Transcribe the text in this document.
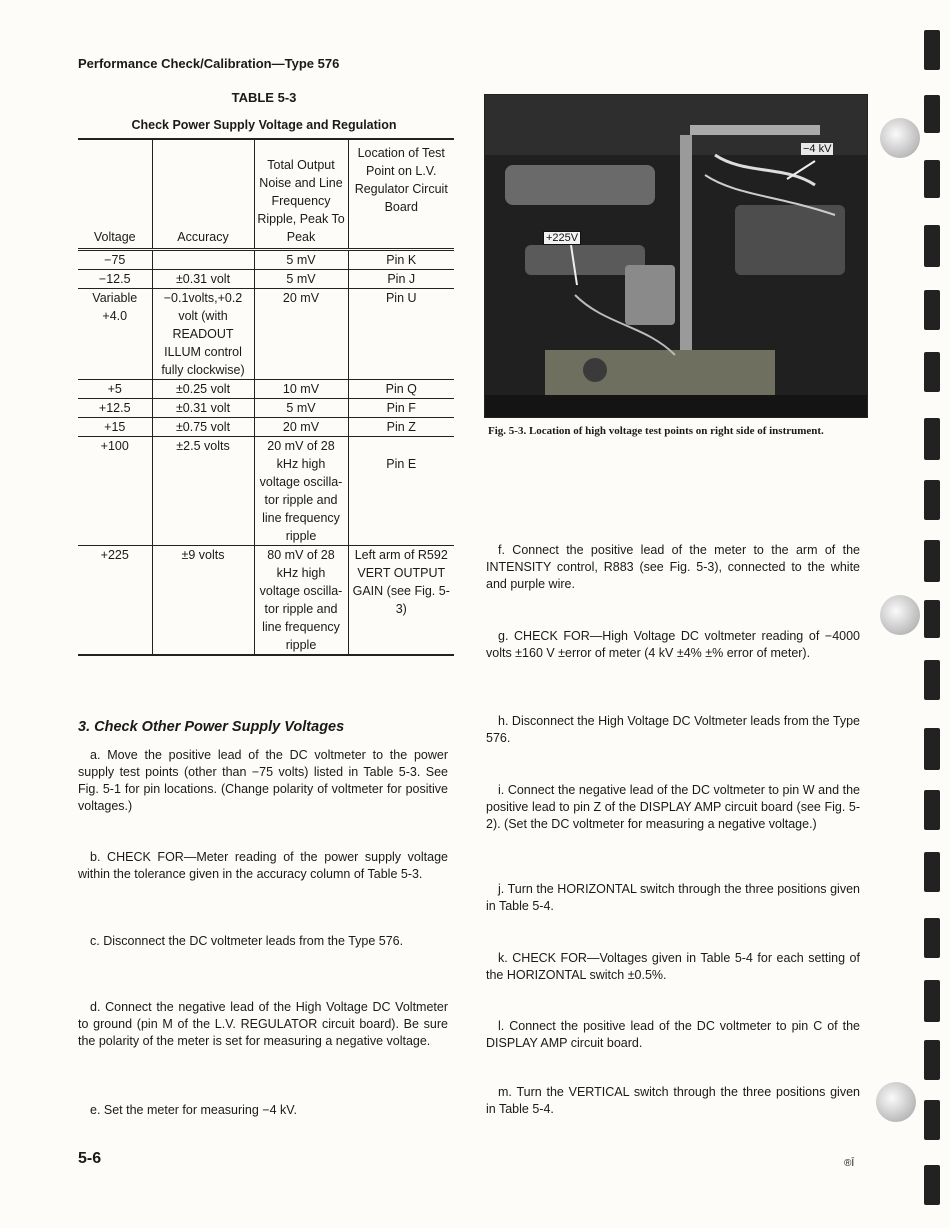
Performance Check/Calibration—Type 576
TABLE 5-3
Check Power Supply Voltage and Regulation
Voltage	Accuracy	Total Output Noise and Line Frequency Ripple, Peak To Peak	Location of Test Point on L.V. Regulator Circuit Board
−75		5 mV	Pin K
−12.5	±0.31 volt	5 mV	Pin J
Variable +4.0	−0.1volts,+0.2 volt (with READOUT ILLUM control fully clockwise)	20 mV	Pin U
+5	±0.25 volt	10 mV	Pin Q
+12.5	±0.31 volt	5 mV	Pin F
+15	±0.75 volt	20 mV	Pin Z
+100	±2.5 volts	20 mV of 28 kHz high voltage oscilla-tor ripple and line frequency ripple	Pin E
+225	±9 volts	80 mV of 28 kHz high voltage oscilla-tor ripple and line frequency ripple	Left arm of R592 VERT OUTPUT GAIN (see Fig. 5-3)
−4 kV
+225V
Fig. 5-3. Location of high voltage test points on right side of instrument.
3. Check Other Power Supply Voltages
a. Move the positive lead of the DC voltmeter to the power supply test points (other than −75 volts) listed in Table 5-3. See Fig. 5-1 for pin locations. (Change polarity of voltmeter for positive voltages.)
b. CHECK FOR—Meter reading of the power supply voltage within the tolerance given in the accuracy column of Table 5-3.
c. Disconnect the DC voltmeter leads from the Type 576.
d. Connect the negative lead of the High Voltage DC Voltmeter to ground (pin M of the L.V. REGULATOR circuit board). Be sure the polarity of the meter is set for measuring a negative voltage.
e. Set the meter for measuring −4 kV.
f. Connect the positive lead of the meter to the arm of the INTENSITY control, R883 (see Fig. 5-3), connected to the white and purple wire.
g. CHECK FOR—High Voltage DC voltmeter reading of −4000 volts ±160 V ±error of meter (4 kV ±4% ±% error of meter).
h. Disconnect the High Voltage DC Voltmeter leads from the Type 576.
i. Connect the negative lead of the DC voltmeter to pin W and the positive lead to pin Z of the DISPLAY AMP circuit board (see Fig. 5-2). (Set the DC voltmeter for measuring a negative voltage.)
j. Turn the HORIZONTAL switch through the three positions given in Table 5-4.
k. CHECK FOR—Voltages given in Table 5-4 for each setting of the HORIZONTAL switch ±0.5%.
l. Connect the positive lead of the DC voltmeter to pin C of the DISPLAY AMP circuit board.
m. Turn the VERTICAL switch through the three positions given in Table 5-4.
5-6	®Ī
